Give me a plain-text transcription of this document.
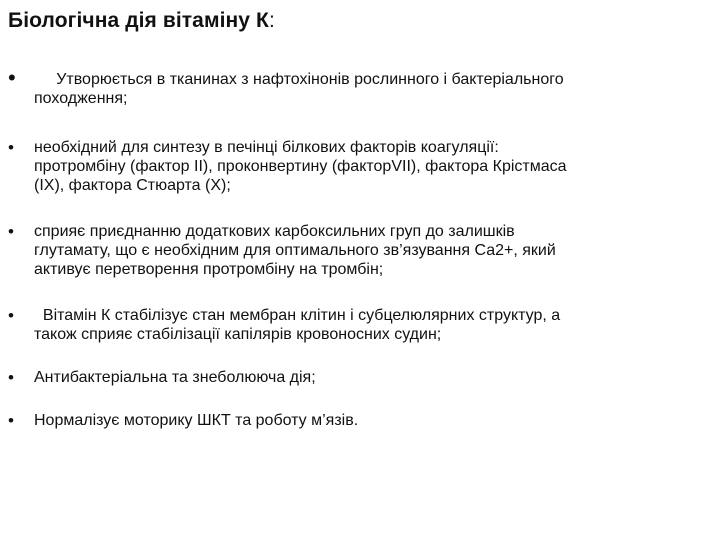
Біологічна дія вітаміну К:
•	Утворюється в тканинах з нафтохінонів рослинного і бактеріального
походження;
• необхідний для синтезу в печінці білкових факторів коагуляції:
протромбіну (фактор II), проконвертину (факторVII), фактора Крістмаса
(IX), фактора Стюарта (X);
• сприяє приєднанню додаткових карбоксильних груп до залишків
глутамату, що є необхідним для оптимального зв’язування Са2+, який
активує перетворення протромбіну на тромбін;
•	Вітамін К стабілізує стан мембран клітин і субцелюлярних структур, а
також сприяє стабілізації капілярів кровоносних судин;
• Антибактеріальна та знеболююча дія;
• Нормалізує моторику ШКТ та роботу м’язів.
